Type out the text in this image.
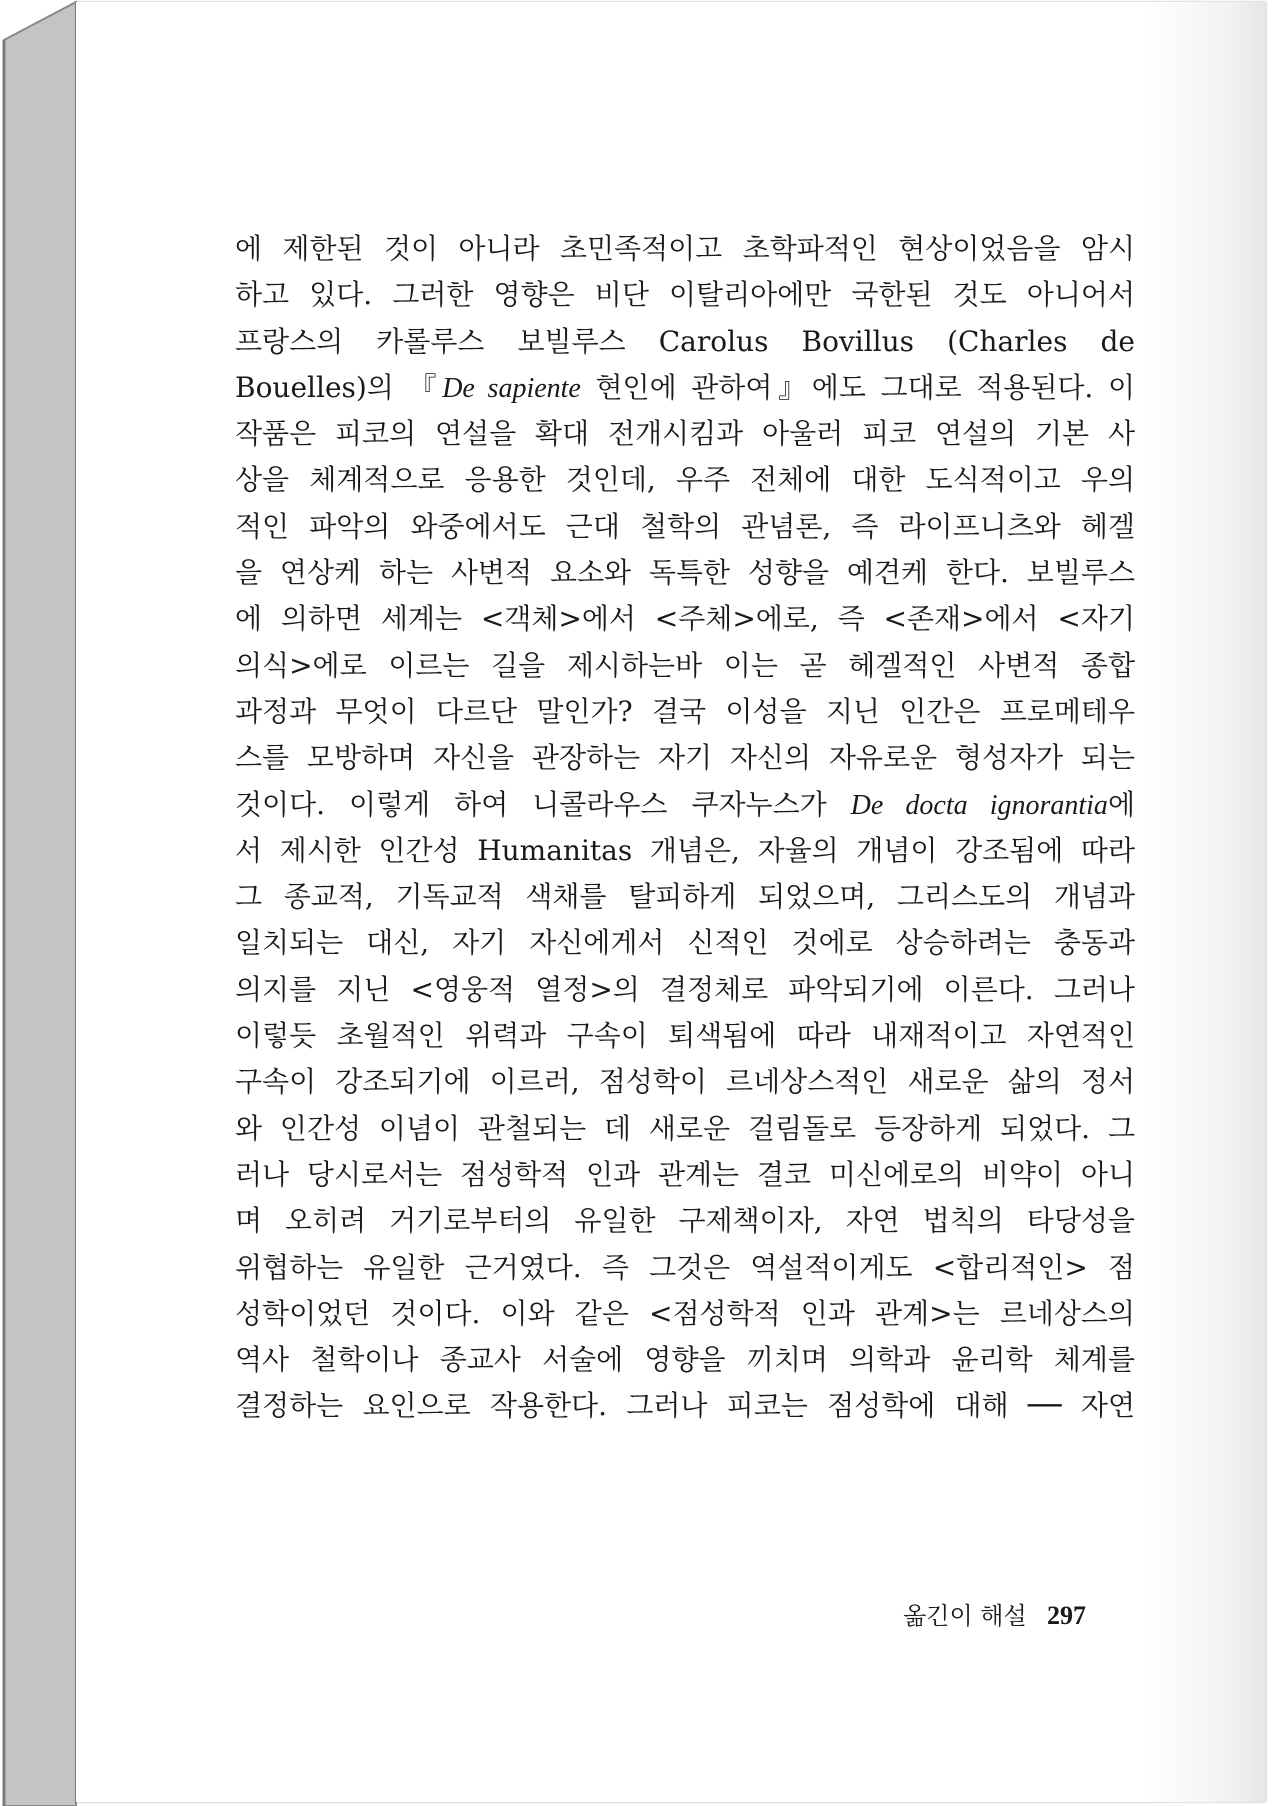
에 제한된 것이 아니라 초민족적이고 초학파적인 현상이었음을 암시
하고 있다. 그러한 영향은 비단 이탈리아에만 국한된 것도 아니어서
프랑스의 카롤루스 보빌루스 Carolus Bovillus (Charles de
Bouelles)의 『De sapiente 현인에 관하여』에도 그대로 적용된다. 이
작품은 피코의 연설을 확대 전개시킴과 아울러 피코 연설의 기본 사
상을 체계적으로 응용한 것인데, 우주 전체에 대한 도식적이고 우의
적인 파악의 와중에서도 근대 철학의 관념론, 즉 라이프니츠와 헤겔
을 연상케 하는 사변적 요소와 독특한 성향을 예견케 한다. 보빌루스
에 의하면 세계는 <객체>에서 <주체>에로, 즉 <존재>에서 <자기
의식>에로 이르는 길을 제시하는바 이는 곧 헤겔적인 사변적 종합
과정과 무엇이 다르단 말인가? 결국 이성을 지닌 인간은 프로메테우
스를 모방하며 자신을 관장하는 자기 자신의 자유로운 형성자가 되는
것이다. 이렇게 하여 니콜라우스 쿠자누스가 De docta ignorantia에
서 제시한 인간성 Humanitas 개념은, 자율의 개념이 강조됨에 따라
그 종교적, 기독교적 색채를 탈피하게 되었으며, 그리스도의 개념과
일치되는 대신, 자기 자신에게서 신적인 것에로 상승하려는 충동과
의지를 지닌 <영웅적 열정>의 결정체로 파악되기에 이른다. 그러나
이렇듯 초월적인 위력과 구속이 퇴색됨에 따라 내재적이고 자연적인
구속이 강조되기에 이르러, 점성학이 르네상스적인 새로운 삶의 정서
와 인간성 이념이 관철되는 데 새로운 걸림돌로 등장하게 되었다. 그
러나 당시로서는 점성학적 인과 관계는 결코 미신에로의 비약이 아니
며 오히려 거기로부터의 유일한 구제책이자, 자연 법칙의 타당성을
위협하는 유일한 근거였다. 즉 그것은 역설적이게도 <합리적인> 점
성학이었던 것이다. 이와 같은 <점성학적 인과 관계>는 르네상스의
역사 철학이나 종교사 서술에 영향을 끼치며 의학과 윤리학 체계를
결정하는 요인으로 작용한다. 그러나 피코는 점성학에 대해 ── 자연
옮긴이 해설 297
